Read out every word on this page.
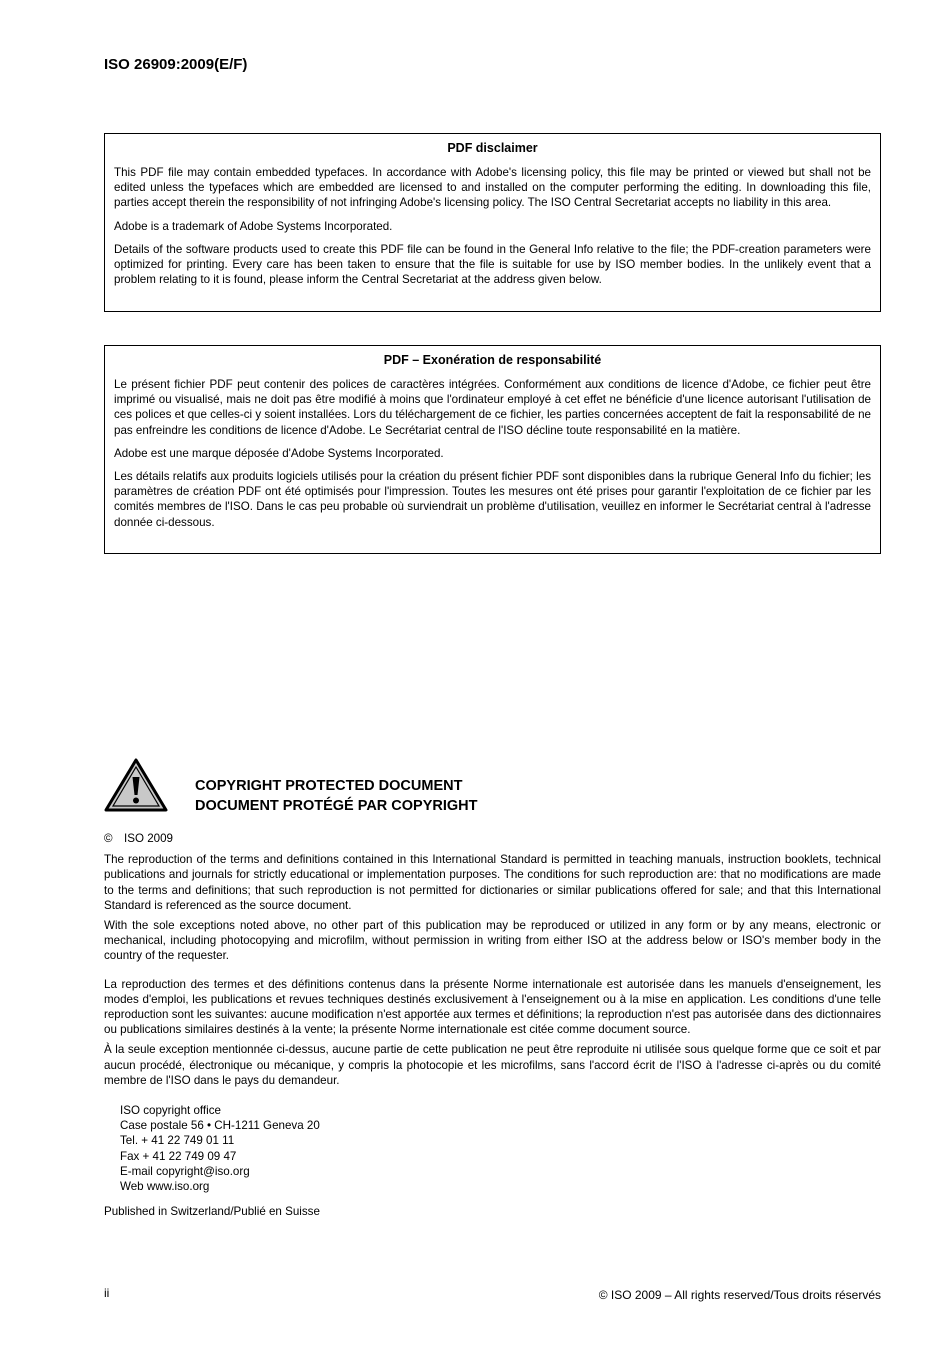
ISO 26909:2009(E/F)
PDF disclaimer

This PDF file may contain embedded typefaces. In accordance with Adobe's licensing policy, this file may be printed or viewed but shall not be edited unless the typefaces which are embedded are licensed to and installed on the computer performing the editing. In downloading this file, parties accept therein the responsibility of not infringing Adobe's licensing policy. The ISO Central Secretariat accepts no liability in this area.

Adobe is a trademark of Adobe Systems Incorporated.

Details of the software products used to create this PDF file can be found in the General Info relative to the file; the PDF-creation parameters were optimized for printing. Every care has been taken to ensure that the file is suitable for use by ISO member bodies. In the unlikely event that a problem relating to it is found, please inform the Central Secretariat at the address given below.

PDF – Exonération de responsabilité

Le présent fichier PDF peut contenir des polices de caractères intégrées. Conformément aux conditions de licence d'Adobe, ce fichier peut être imprimé ou visualisé, mais ne doit pas être modifié à moins que l'ordinateur employé à cet effet ne bénéficie d'une licence autorisant l'utilisation de ces polices et que celles-ci y soient installées. Lors du téléchargement de ce fichier, les parties concernées acceptent de fait la responsabilité de ne pas enfreindre les conditions de licence d'Adobe. Le Secrétariat central de l'ISO décline toute responsabilité en la matière.

Adobe est une marque déposée d'Adobe Systems Incorporated.

Les détails relatifs aux produits logiciels utilisés pour la création du présent fichier PDF sont disponibles dans la rubrique General Info du fichier; les paramètres de création PDF ont été optimisés pour l'impression. Toutes les mesures ont été prises pour garantir l'exploitation de ce fichier par les comités membres de l'ISO. Dans le cas peu probable où surviendrait un problème d'utilisation, veuillez en informer le Secrétariat central à l'adresse donnée ci-dessous.

COPYRIGHT PROTECTED DOCUMENT
DOCUMENT PROTÉGÉ PAR COPYRIGHT
© ISO 2009

The reproduction of the terms and definitions contained in this International Standard is permitted in teaching manuals, instruction booklets, technical publications and journals for strictly educational or implementation purposes. The conditions for such reproduction are: that no modifications are made to the terms and definitions; that such reproduction is not permitted for dictionaries or similar publications offered for sale; and that this International Standard is referenced as the source document.

With the sole exceptions noted above, no other part of this publication may be reproduced or utilized in any form or by any means, electronic or mechanical, including photocopying and microfilm, without permission in writing from either ISO at the address below or ISO's member body in the country of the requester.

La reproduction des termes et des définitions contenus dans la présente Norme internationale est autorisée dans les manuels d'enseignement, les modes d'emploi, les publications et revues techniques destinés exclusivement à l'enseignement ou à la mise en application. Les conditions d'une telle reproduction sont les suivantes: aucune modification n'est apportée aux termes et définitions; la reproduction n'est pas autorisée dans des dictionnaires ou publications similaires destinés à la vente; la présente Norme internationale est citée comme document source.

À la seule exception mentionnée ci-dessus, aucune partie de cette publication ne peut être reproduite ni utilisée sous quelque forme que ce soit et par aucun procédé, électronique ou mécanique, y compris la photocopie et les microfilms, sans l'accord écrit de l'ISO à l'adresse ci-après ou du comité membre de l'ISO dans le pays du demandeur.

ISO copyright office
Case postale 56 • CH-1211 Geneva 20
Tel. + 41 22 749 01 11
Fax + 41 22 749 09 47
E-mail copyright@iso.org
Web www.iso.org
Published in Switzerland/Publié en Suisse
ii	© ISO 2009 – All rights reserved/Tous droits réservés
